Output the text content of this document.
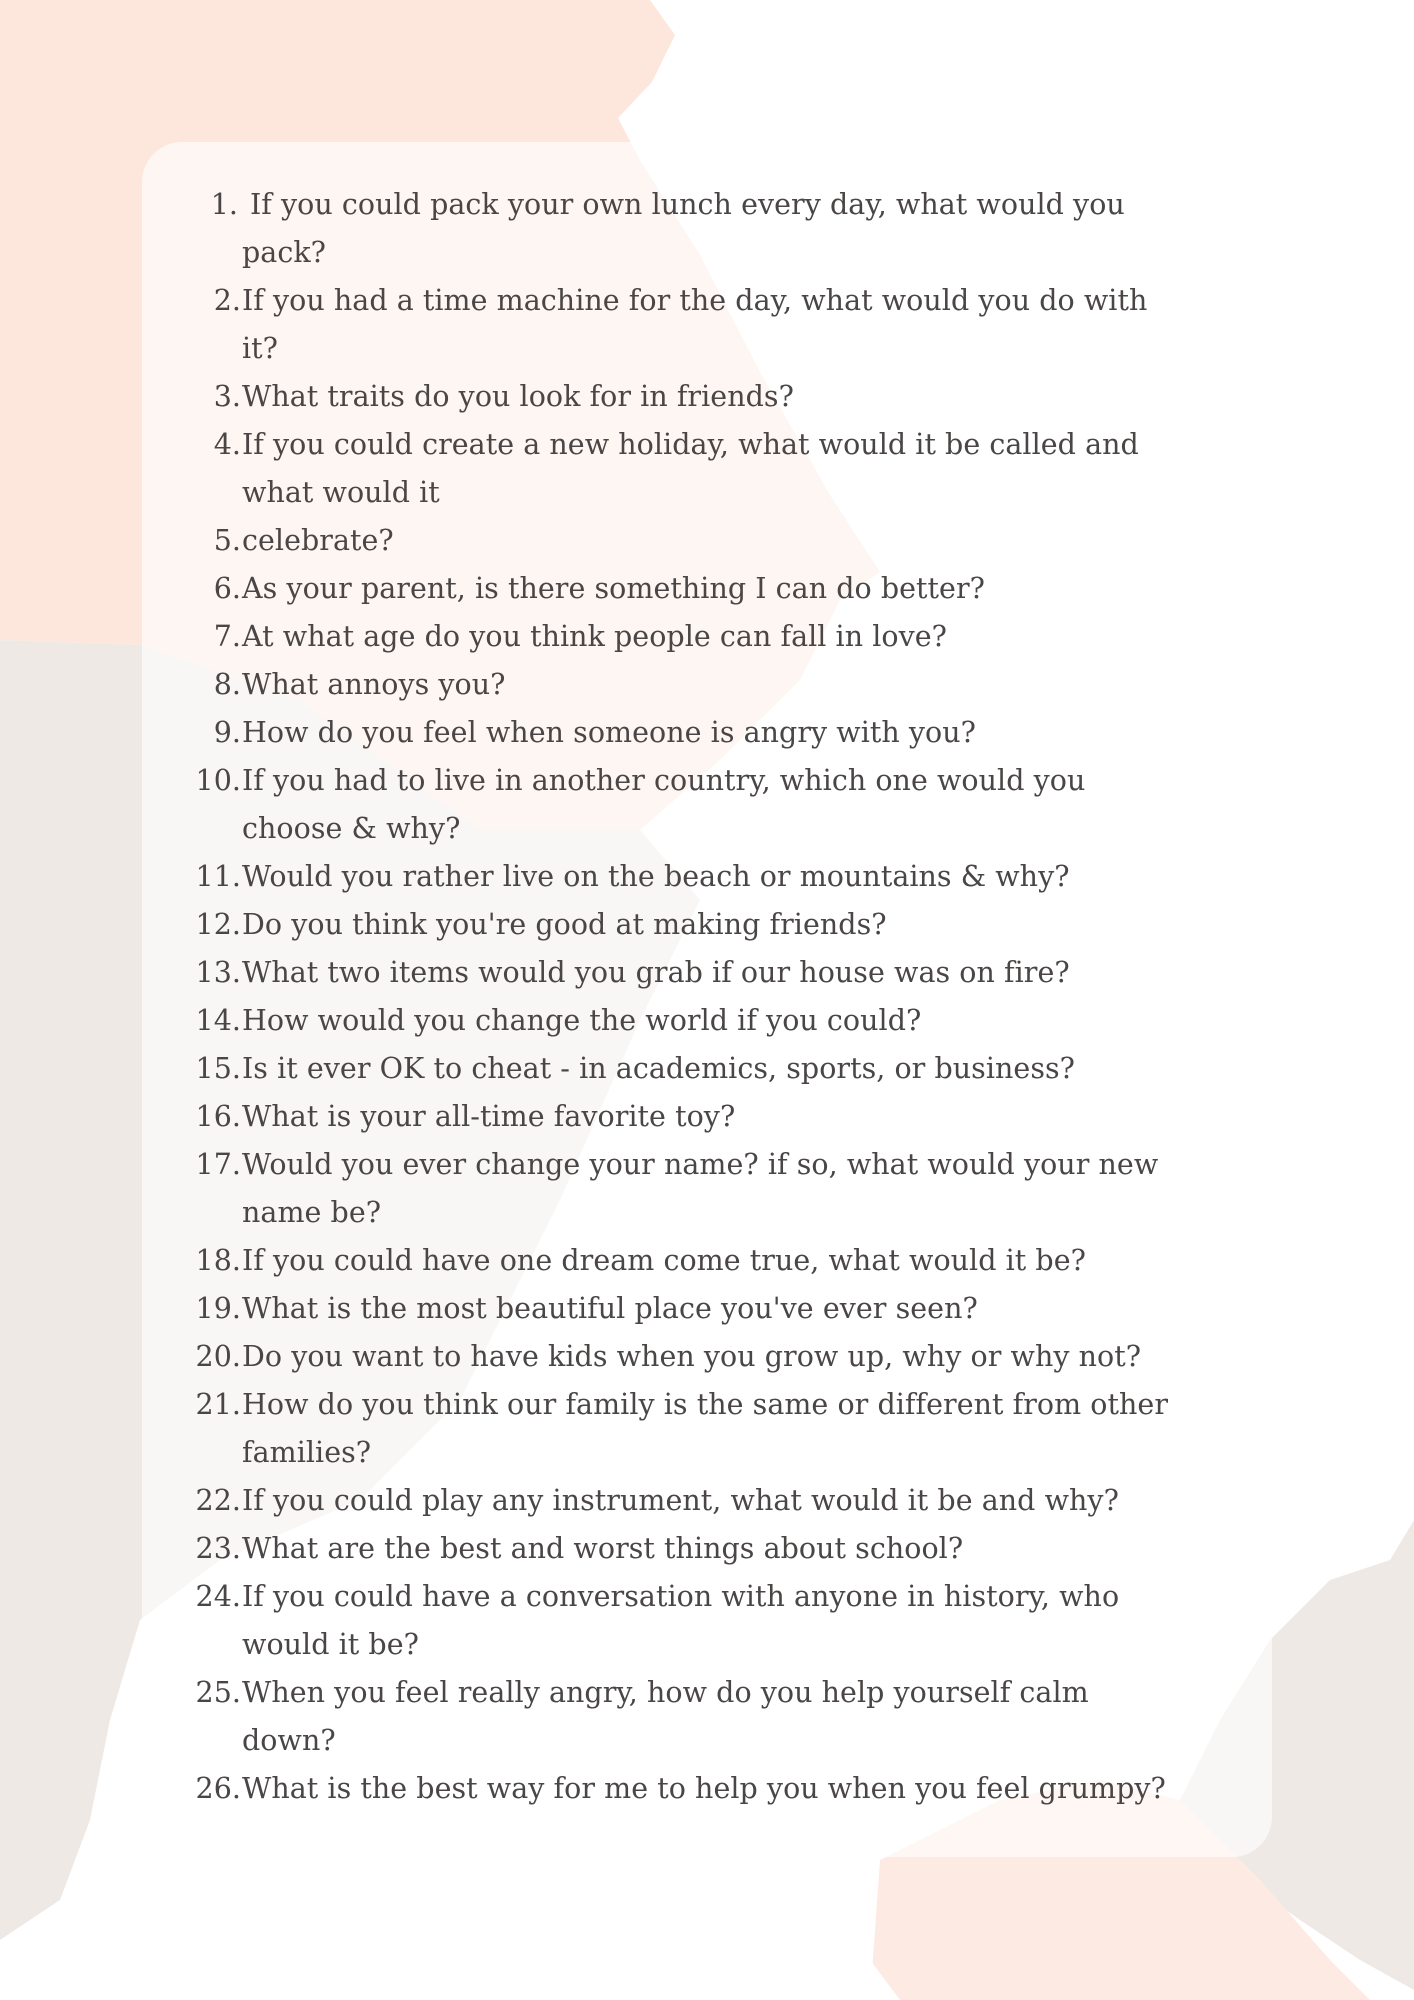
1. If you could pack your own lunch every day, what would you
pack?
2. If you had a time machine for the day, what would you do with
it?
3. What traits do you look for in friends?
4. If you could create a new holiday, what would it be called and
what would it
5. celebrate?
6. As your parent, is there something I can do better?
7. At what age do you think people can fall in love?
8. What annoys you?
9. How do you feel when someone is angry with you?
10. If you had to live in another country, which one would you
choose & why?
11. Would you rather live on the beach or mountains & why?
12. Do you think you're good at making friends?
13. What two items would you grab if our house was on fire?
14. How would you change the world if you could?
15. Is it ever OK to cheat - in academics, sports, or business?
16. What is your all-time favorite toy?
17. Would you ever change your name? if so, what would your new
name be?
18. If you could have one dream come true, what would it be?
19. What is the most beautiful place you've ever seen?
20. Do you want to have kids when you grow up, why or why not?
21. How do you think our family is the same or different from other
families?
22. If you could play any instrument, what would it be and why?
23. What are the best and worst things about school?
24. If you could have a conversation with anyone in history, who
would it be?
25. When you feel really angry, how do you help yourself calm
down?
26. What is the best way for me to help you when you feel grumpy?
